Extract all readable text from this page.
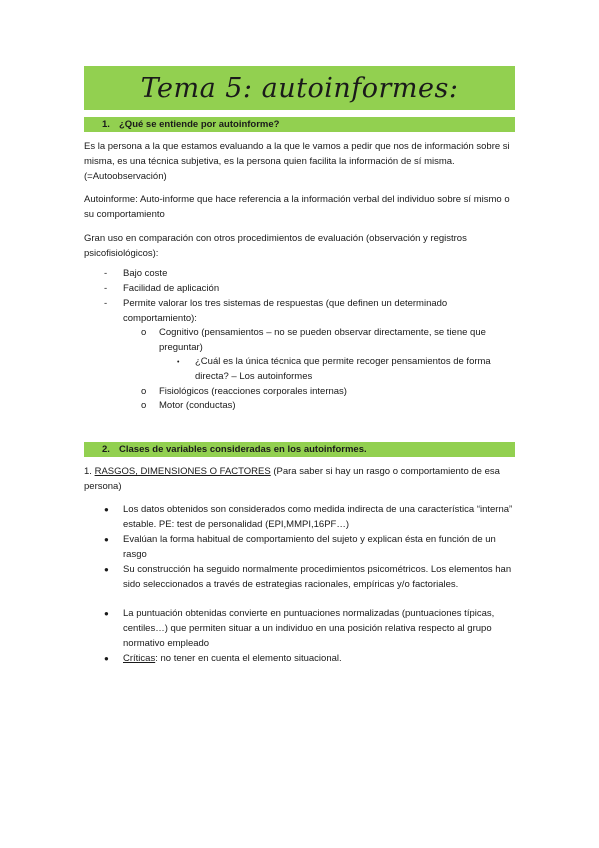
Tema 5: autoinformes:
1. ¿Qué se entiende por autoinforme?

Es la persona a la que estamos evaluando a la que le vamos a pedir que nos de información sobre si misma, es una técnica subjetiva, es la persona quien facilita la información de sí misma. (=Autoobservación)

Autoinforme: Auto-informe que hace referencia a la información verbal del individuo sobre sí mismo o su comportamiento

Gran uso en comparación con otros procedimientos de evaluación (observación y registros psicofisiológicos):

- Bajo coste

- Facilidad de aplicación

- Permite valorar los tres sistemas de respuestas (que definen un determinado comportamiento):

o Cognitivo (pensamientos – no se pueden observar directamente, se tiene que preguntar)

• ¿Cuál es la única técnica que permite recoger pensamientos de forma directa? – Los autoinformes

o Fisiológicos (reacciones corporales internas)

o Motor (conductas)

2. Clases de variables consideradas en los autoinformes.

1. RASGOS, DIMENSIONES O FACTORES (Para saber si hay un rasgo o comportamiento de esa persona)

● Los datos obtenidos son considerados como medida indirecta de una característica “interna” estable. PE: test de personalidad (EPI,MMPI,16PF…)

● Evalúan la forma habitual de comportamiento del sujeto y explican ésta en función de un rasgo

● Su construcción ha seguido normalmente procedimientos psicométricos. Los elementos han sido seleccionados a través de estrategias racionales, empíricas y/o factoriales.

● La puntuación obtenidas convierte en puntuaciones normalizadas (puntuaciones típicas, centiles…) que permiten situar a un individuo en una posición relativa respecto al grupo normativo empleado

● Críticas: no tener en cuenta el elemento situacional.
